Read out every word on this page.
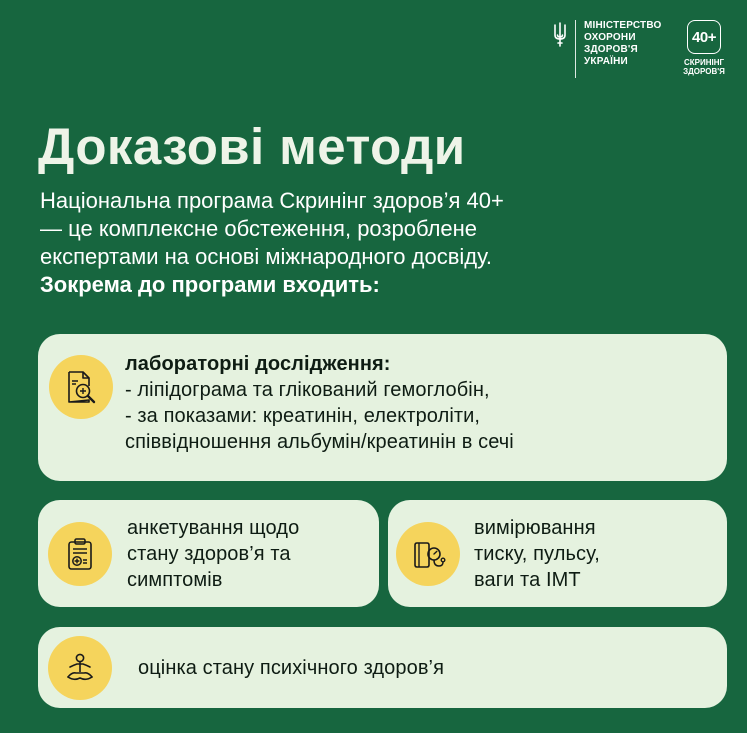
МІНІСТЕРСТВО
ОХОРОНИ
ЗДОРОВ'Я
УКРАЇНИ
40+
СКРИНІНГ
ЗДОРОВ'Я
Доказові методи
Національна програма Скринінг здоров’я 40+
— це комплексне обстеження, розроблене
експертами на основі міжнародного досвіду.
Зокрема до програми входить:
лабораторні дослідження:
- ліпідограма та глікований гемоглобін,
- за показами: креатинін, електроліти,
співвідношення альбумін/креатинін в сечі
анкетування щодо
стану здоров’я та
симптомів
вимірювання
тиску, пульсу,
ваги та ІМТ
оцінка стану психічного здоров’я
